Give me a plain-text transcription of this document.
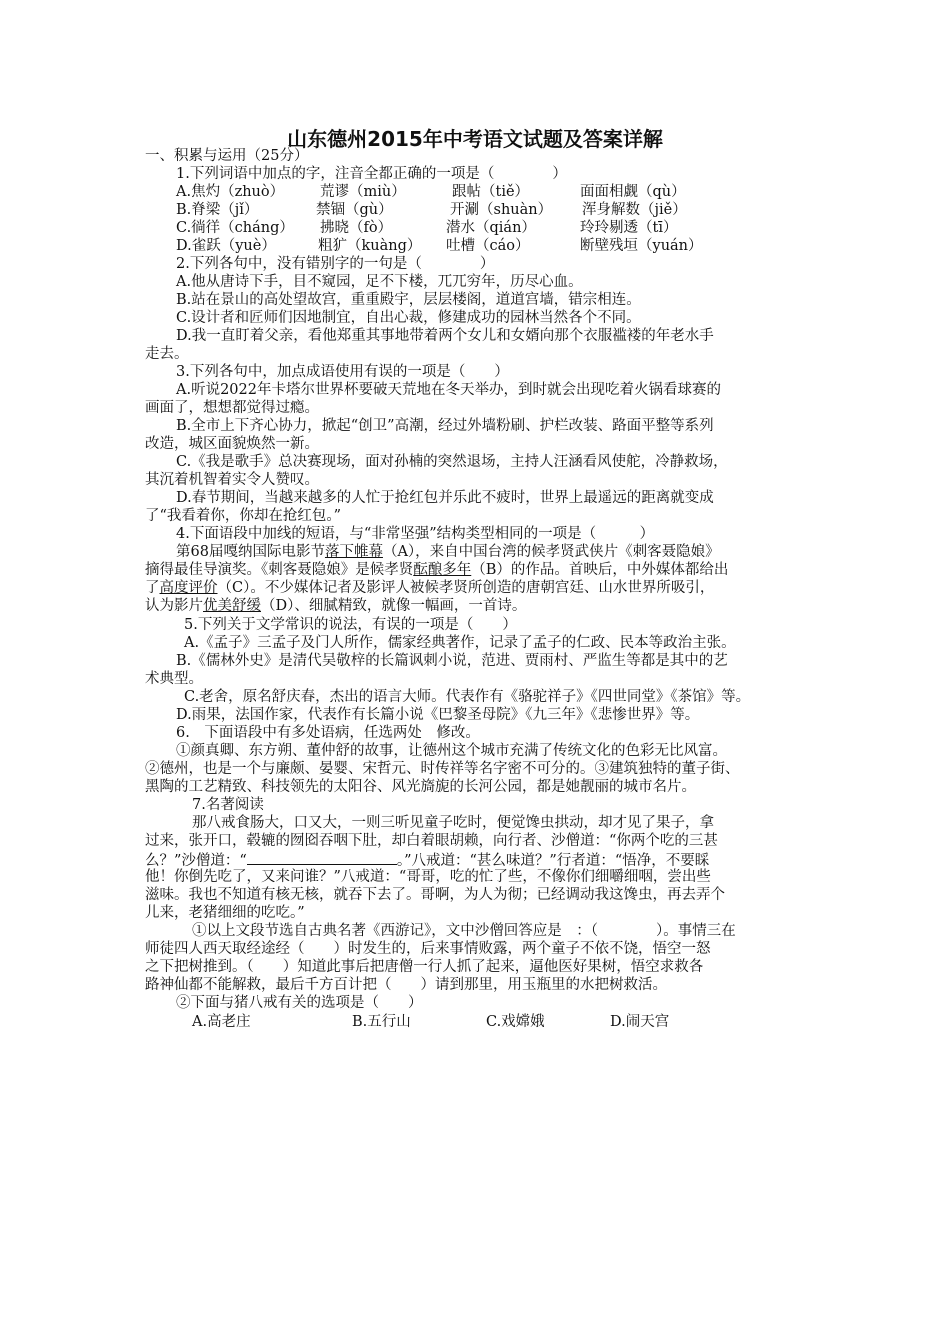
山东德州2015年中考语文试题及答案详解
一、积累与运用（25分）
1.下列词语中加点的字，注音全都正确的一项是（　　　　）
A.焦灼（zhuò） 荒谬（miù）	跟帖（tiě）	面面相觑（qù）
B.脊梁（jǐ）	禁锢（gù）	开涮（shuàn） 浑身解数（jiě）
C.徜徉（cháng） 拂晓（fò）	潜水（qián）	玲玲剔透（tī）
D.雀跃（yuè）	粗犷（kuàng） 吐槽（cáo）	断壁残垣（yuán）
2.下列各句中，没有错别字的一句是（　　　　）
A.他从唐诗下手，目不窥园，足不下楼，兀兀穷年，历尽心血。
B.站在景山的高处望故宫，重重殿宇，层层楼阁，道道宫墙，错宗相连。
C.设计者和匠师们因地制宜，自出心裁，修建成功的园林当然各个不同。
D.我一直盯着父亲，看他郑重其事地带着两个女儿和女婿向那个衣服褴褛的年老水手
走去。
3.下列各句中，加点成语使用有误的一项是（　　）
A.听说2022年卡塔尔世界杯要破天荒地在冬天举办，到时就会出现吃着火锅看球赛的
画面了，想想都觉得过瘾。
B.全市上下齐心协力，掀起“创卫”高潮，经过外墙粉刷、护栏改装、路面平整等系列
改造，城区面貌焕然一新。
C.《我是歌手》总决赛现场，面对孙楠的突然退场，主持人汪涵看风使舵，冷静救场，
其沉着机智着实令人赞叹。
D.春节期间，当越来越多的人忙于抢红包并乐此不疲时，世界上最遥远的距离就变成
了“我看着你，你却在抢红包。”
4.下面语段中加线的短语，与“非常坚强”结构类型相同的一项是（　　　）
第68届嘎纳国际电影节落下帷幕（A），来自中国台湾的候孝贤武侠片《刺客聂隐娘》
摘得最佳导演奖。《刺客聂隐娘》是候孝贤酝酿多年（B）的作品。首映后，中外媒体都给出
了高度评价（C）。不少媒体记者及影评人被候孝贤所创造的唐朝宫廷、山水世界所吸引，
认为影片优美舒缓（D）、细腻精致，就像一幅画，一首诗。
5.下列关于文学常识的说法，有误的一项是（　　）
A.《孟子》三孟子及门人所作，儒家经典著作，记录了孟子的仁政、民本等政治主张。
B.《儒林外史》是清代吴敬梓的长篇讽刺小说，范进、贾雨村、严监生等都是其中的艺
术典型。
C.老舍，原名舒庆春，杰出的语言大师。代表作有《骆驼祥子》《四世同堂》《茶馆》等。
D.雨果，法国作家，代表作有长篇小说《巴黎圣母院》《九三年》《悲惨世界》等。
6.　下面语段中有多处语病，任选两处　修改。
①颜真卿、东方朔、董仲舒的故事，让德州这个城市充满了传统文化的色彩无比风富。
②德州，也是一个与廉颇、晏婴、宋哲元、时传祥等名字密不可分的。③建筑独特的董子街、
黑陶的工艺精致、科技领先的太阳谷、风光旖旎的长河公园，都是她靓丽的城市名片。
7.名著阅读
那八戒食肠大，口又大，一则三听见童子吃时，便觉馋虫拱动，却才见了果子，拿
过来，张开口，毂辘的囫囵吞咽下肚，却白着眼胡赖，向行者、沙僧道：“你两个吃的三甚
么？”沙僧道：“	。”八戒道：“甚么味道？”行者道：“悟净，不要睬
他！你倒先吃了，又来问谁？”八戒道：“哥哥，吃的忙了些，不像你们细嚼细咽，尝出些
滋味。我也不知道有核无核，就吞下去了。哥啊，为人为彻；已经调动我这馋虫，再去弄个
儿来，老猪细细的吃吃。”
①以上文段节选自古典名著《西游记》，文中沙僧回答应是　：（　　　　）。事情三在
师徒四人西天取经途经（　　）时发生的，后来事情败露，两个童子不依不饶，悟空一怒
之下把树推到。（　　）知道此事后把唐僧一行人抓了起来，逼他医好果树，悟空求救各
路神仙都不能解救，最后千方百计把（　　）请到那里，用玉瓶里的水把树救活。
②下面与猪八戒有关的选项是（　　）
A.高老庄	B.五行山	C.戏嫦娥	D.闹天宫
